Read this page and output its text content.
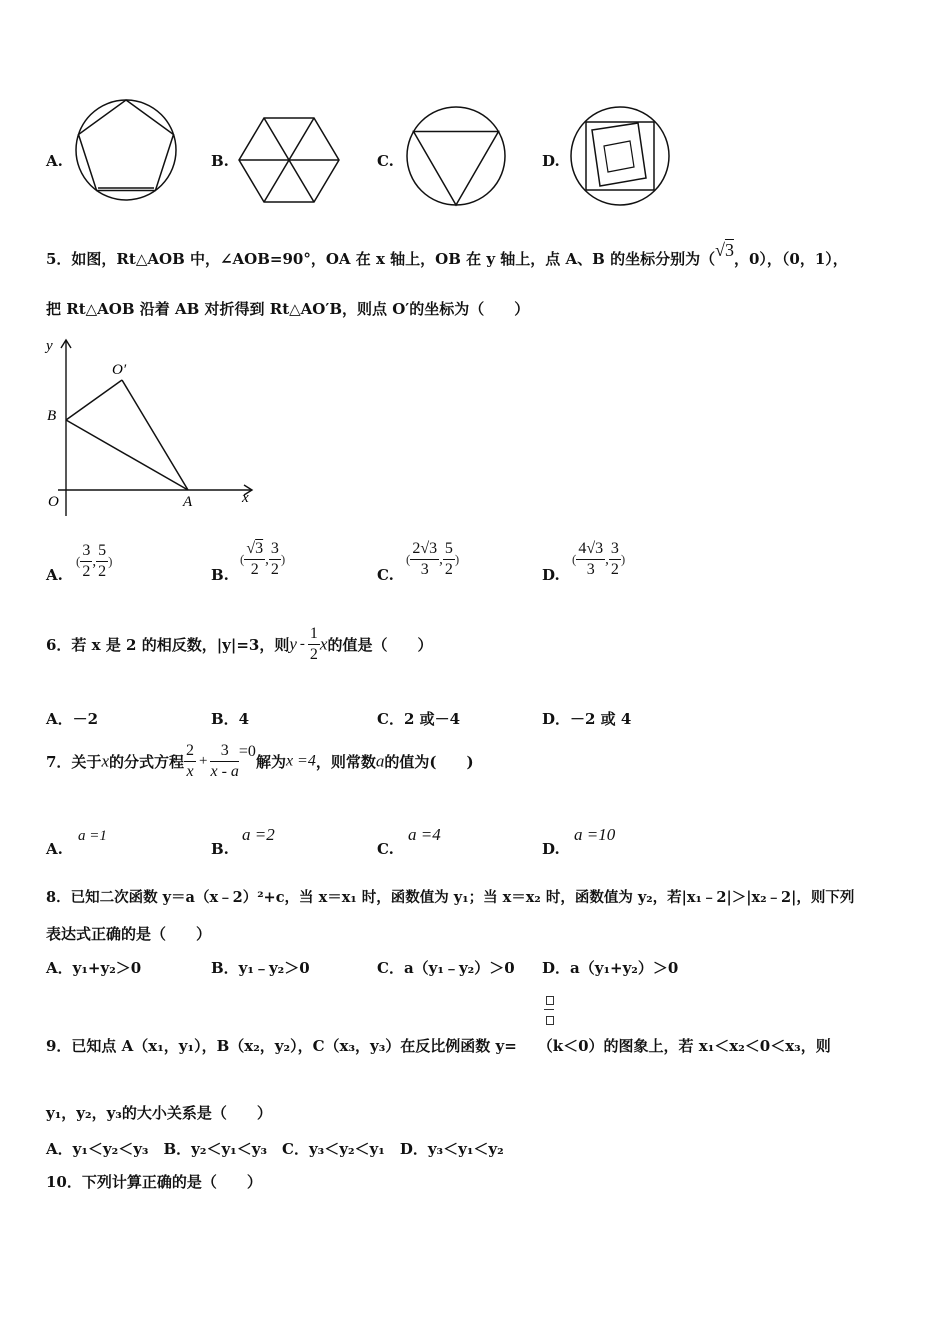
A.	B.	C.	D.
5．如图，Rt△AOB 中，∠AOB=90°，OA 在 x 轴上，OB 在 y 轴上，点 A、B 的坐标分别为（√3，0），（0，1），
把 Rt△AOB 沿着 AB 对折得到 Rt△AO′B，则点 O′的坐标为（　　）
y
O′
B
O	A	x
A.
( $\frac{3}{2}$ , $\frac{5}{2}$ )
B.
( $\frac{√3}{2}$ , $\frac{3}{2}$ )
C.
( $\frac{2√3}{3}$ , $\frac{5}{2}$ )
D.
( $\frac{4√3}{3}$ , $\frac{3}{2}$ )
6．若 x 是 2 的相反数，|y|=3，则y - $\frac{1}{2}$ x的值是（　　）
A．－2	B．4	C．2 或－4	D．－2 或 4
7．关于x的分式方程 $\frac{2}{x} + \frac{3}{x - a} =0$解为x =4，则常数a的值为(　　)
A.
a =1
B.
a =2
C.
a =4
D.
a =10
8．已知二次函数 y＝a（x﹣2）²+c，当 x＝x₁ 时，函数值为 y₁；当 x＝x₂ 时，函数值为 y₂，若|x₁﹣2|＞|x₂﹣2|，则下列
表达式正确的是（　　）
A．y₁+y₂＞0	B．y₁﹣y₂＞0	C．a（y₁﹣y₂）＞0 D．a（y₁+y₂）＞0

9．已知点 A（x₁，y₁），B（x₂，y₂），C（x₃，y₃）在反比例函数 y= （k＜0）的图象上，若 x₁＜x₂＜0＜x₃，则
y₁，y₂，y₃的大小关系是（　　）
A．y₁＜y₂＜y₃　B．y₂＜y₁＜y₃　C．y₃＜y₂＜y₁　D．y₃＜y₁＜y₂
10．下列计算正确的是（　　）
